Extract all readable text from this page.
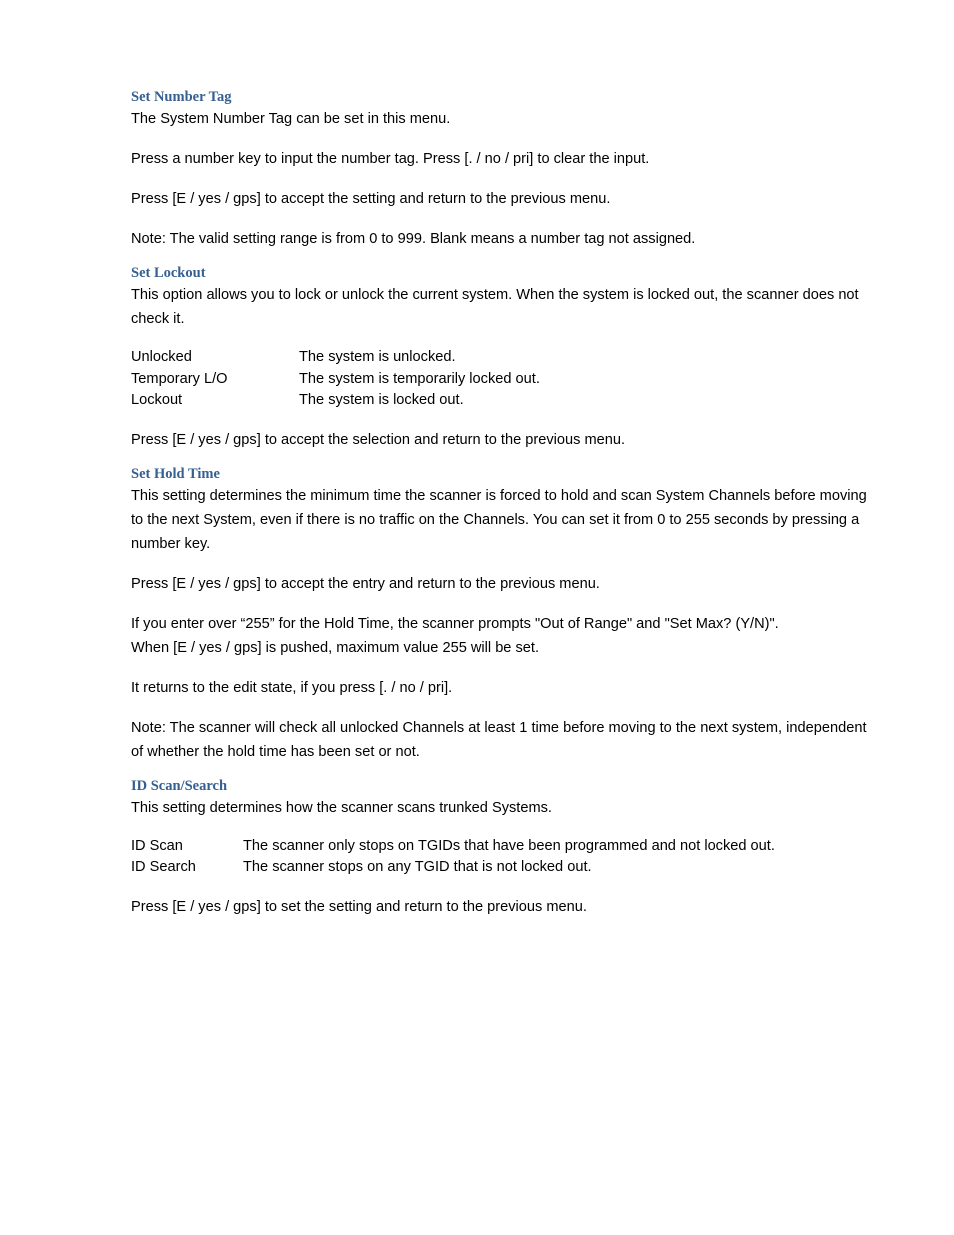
Set Number Tag

The System Number Tag can be set in this menu.

Press a number key to input the number tag. Press [. / no / pri] to clear the input.

Press [E / yes / gps] to accept the setting and return to the previous menu.

Note: The valid setting range is from 0 to 999. Blank means a number tag not assigned.

Set Lockout

This option allows you to lock or unlock the current system. When the system is locked out, the scanner does not check it.

Unlocked	The system is unlocked.
Temporary L/O	The system is temporarily locked out.
Lockout	The system is locked out.

Press [E / yes / gps] to accept the selection and return to the previous menu.

Set Hold Time

This setting determines the minimum time the scanner is forced to hold and scan System Channels before moving to the next System, even if there is no traffic on the Channels. You can set it from 0 to 255 seconds by pressing a number key.

Press [E / yes / gps] to accept the entry and return to the previous menu.

If you enter over “255” for the Hold Time, the scanner prompts "Out of Range" and "Set Max? (Y/N)".

When [E / yes / gps] is pushed, maximum value 255 will be set.

It returns to the edit state, if you press [. / no / pri].

Note: The scanner will check all unlocked Channels at least 1 time before moving to the next system, independent of whether the hold time has been set or not.

ID Scan/Search

This setting determines how the scanner scans trunked Systems.

ID Scan	The scanner only stops on TGIDs that have been programmed and not locked out.
ID Search	The scanner stops on any TGID that is not locked out.

Press [E / yes / gps] to set the setting and return to the previous menu.
